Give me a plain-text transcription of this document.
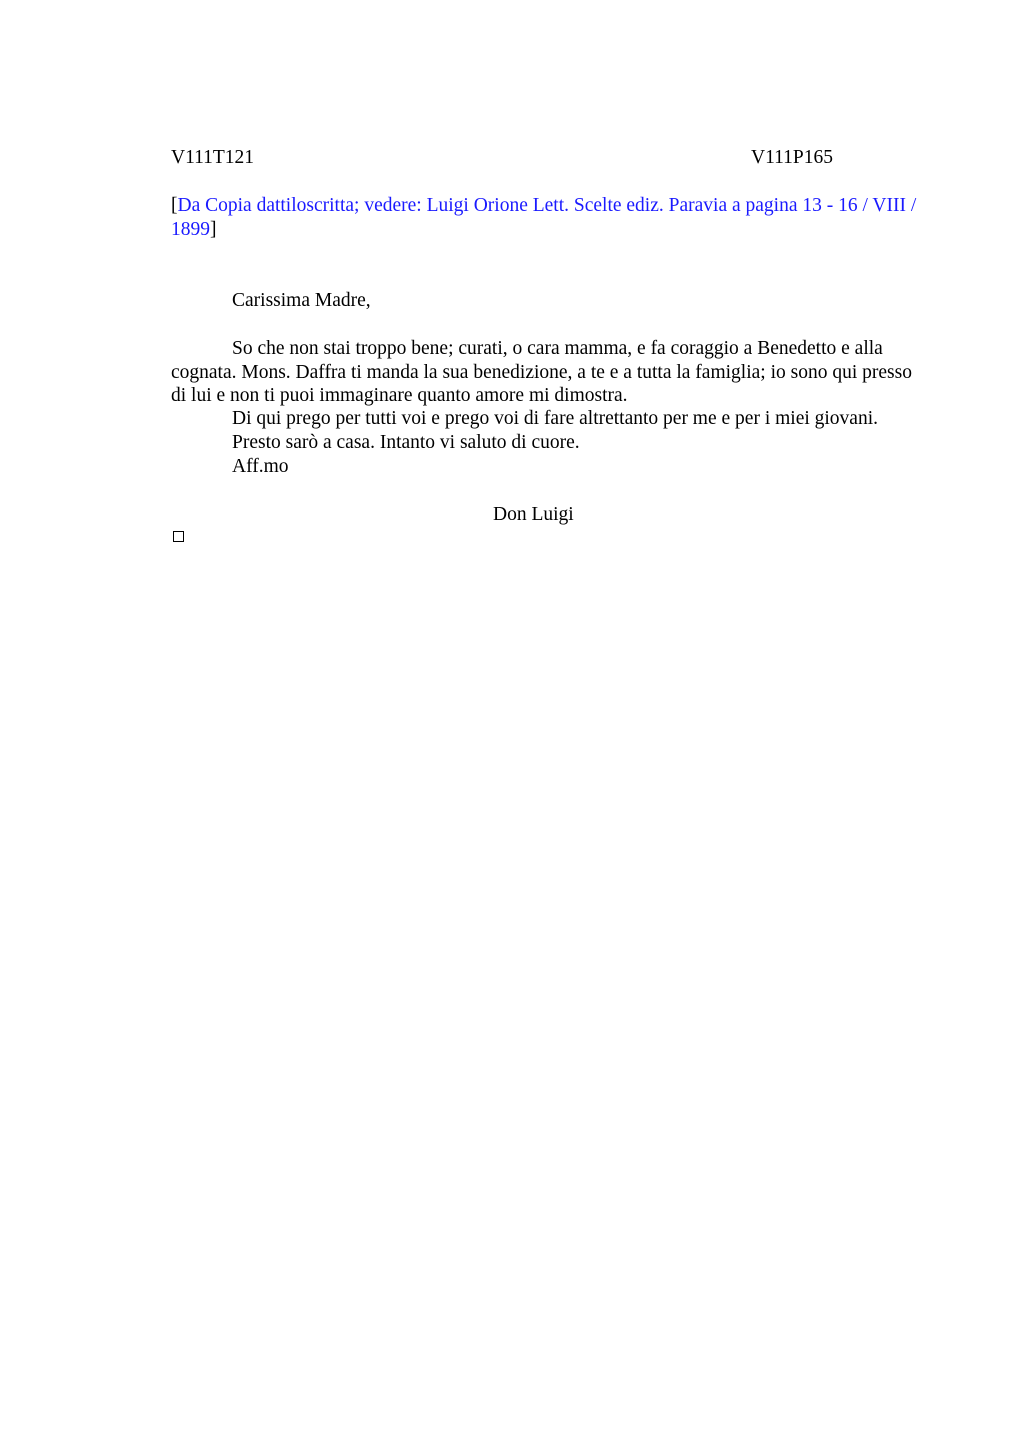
V111T121	V111P165
[Da Copia dattiloscritta; vedere: Luigi Orione Lett. Scelte ediz. Paravia a pagina 13 - 16 / VIII / 1899]
Carissima Madre,
So che non stai troppo bene; curati, o cara mamma, e fa coraggio a Benedetto e alla cognata. Mons. Daffra ti manda la sua benedizione, a te e a tutta la famiglia; io sono qui presso di lui e non ti puoi immaginare quanto amore mi dimostra.
Di qui prego per tutti voi e prego voi di fare altrettanto per me e per i miei giovani.
Presto sarò a casa. Intanto vi saluto di cuore.
Aff.mo
Don Luigi
